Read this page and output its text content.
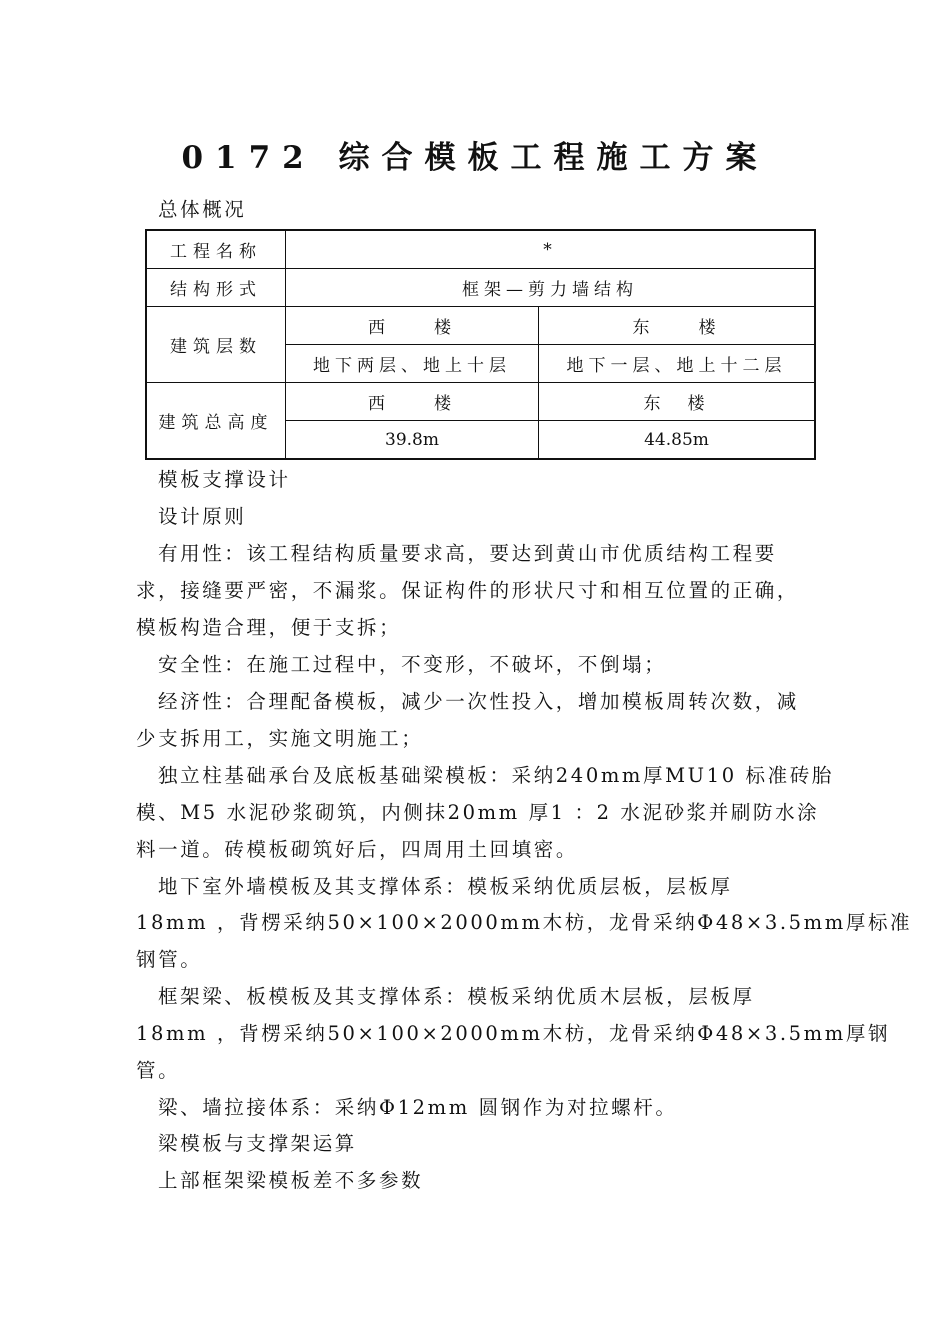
0172 综合模板工程施工方案
总体概况
工程名称	*	
结构形式	框架—剪力墙结构	
建筑层数	西　　楼	东　　楼
	地下两层、地上十层	地下一层、地上十二层
建筑总高度	西　　楼	东　楼
	39.8m	44.85m
模板支撑设计
设计原则
有用性：该工程结构质量要求高，要达到黄山市优质结构工程要
求，接缝要严密，不漏浆。保证构件的形状尺寸和相互位置的正确，
模板构造合理，便于支拆；
安全性：在施工过程中，不变形，不破坏，不倒塌；
经济性：合理配备模板，减少一次性投入，增加模板周转次数，减
少支拆用工，实施文明施工；
独立柱基础承台及底板基础梁模板：采纳240mm厚MU10 标准砖胎
模、M5 水泥砂浆砌筑，内侧抹20mm 厚1 ：2 水泥砂浆并刷防水涂
料一道。砖模板砌筑好后，四周用土回填密。
地下室外墙模板及其支撑体系：模板采纳优质层板，层板厚
18mm ，背楞采纳50×100×2000mm木枋，龙骨采纳Φ48×3.5mm厚标准
钢管。
框架梁、板模板及其支撑体系：模板采纳优质木层板，层板厚
18mm ，背楞采纳50×100×2000mm木枋，龙骨采纳Φ48×3.5mm厚钢
管。
梁、墙拉接体系：采纳Φ12mm 圆钢作为对拉螺杆。
梁模板与支撑架运算
上部框架梁模板差不多参数
